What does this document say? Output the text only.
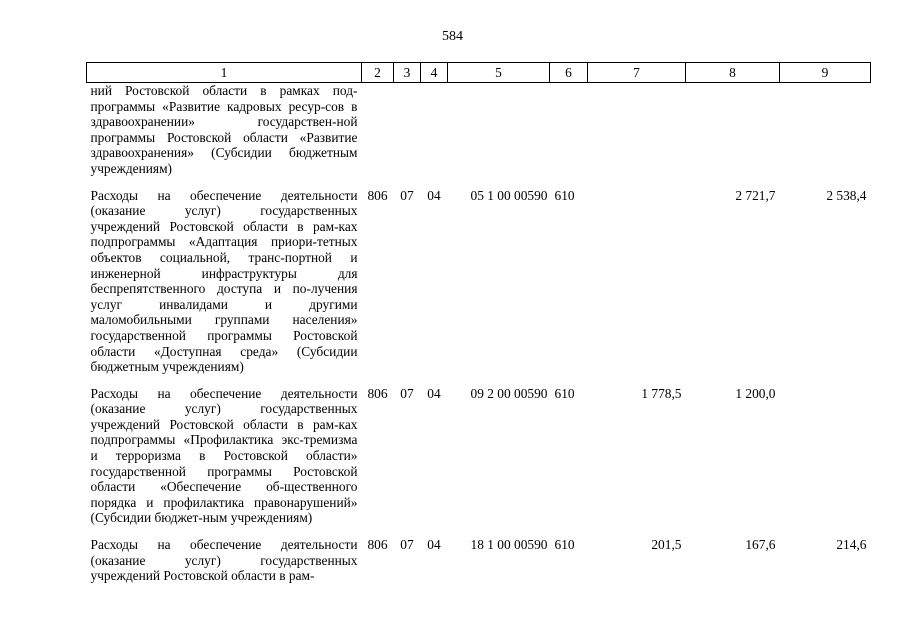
584
1	2	3	4	5	6	7	8	9
ний Ростовской области в рамках под-программы «Развитие кадровых ресур-сов в здравоохранении» государствен-ной программы Ростовской области «Развитие здравоохранения» (Субсидии бюджетным учреждениям)								
Расходы на обеспечение деятельности (оказание услуг) государственных учреждений Ростовской области в рам-ках подпрограммы «Адаптация приори-тетных объектов социальной, транс-портной и инженерной инфраструктуры для беспрепятственного доступа и по-лучения услуг инвалидами и другими маломобильными группами населения» государственной программы Ростовской области «Доступная среда» (Субсидии бюджетным учреждениям)	806	07	04	05 1 00 00590	610		2 721,7	2 538,4
Расходы на обеспечение деятельности (оказание услуг) государственных учреждений Ростовской области в рам-ках подпрограммы «Профилактика экс-тремизма и терроризма в Ростовской области» государственной программы Ростовской области «Обеспечение об-щественного порядка и профилактика правонарушений» (Субсидии бюджет-ным учреждениям)	806	07	04	09 2 00 00590	610	1 778,5	1 200,0	
Расходы на обеспечение деятельности (оказание услуг) государственных учреждений Ростовской области в рам-	806	07	04	18 1 00 00590	610	201,5	167,6	214,6
